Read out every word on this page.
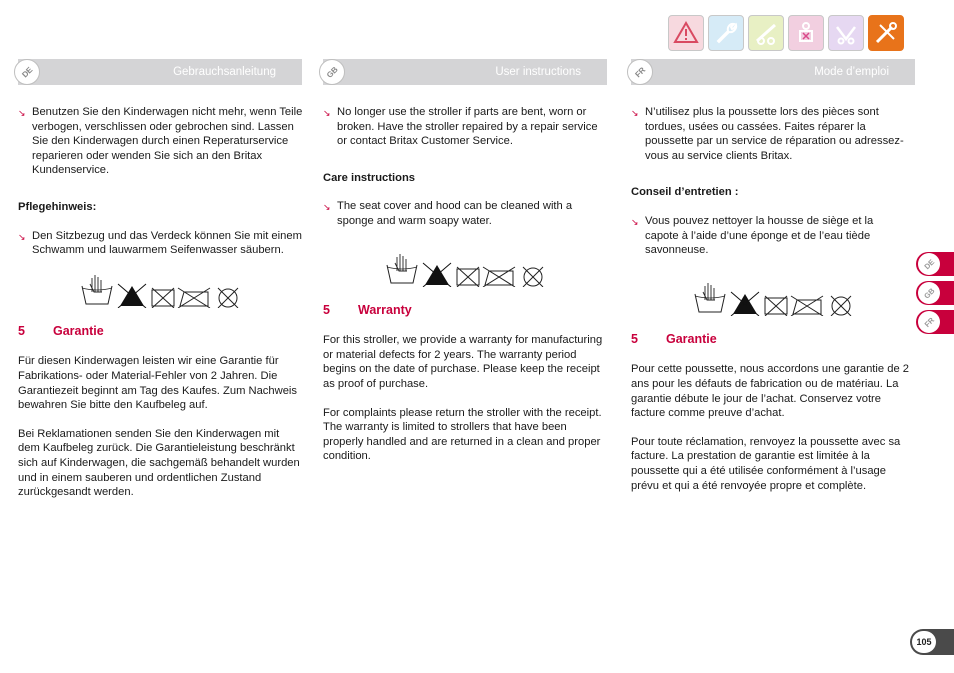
DE	Gebrauchsanleitung

↘ Benutzen Sie den Kinderwagen nicht mehr, wenn Teile verbogen, verschlissen oder gebrochen sind. Lassen Sie den Kinderwagen durch einen Reperaturservice reparieren oder wenden Sie sich an den Britax Kundenservice.

Pflegehinweis:

↘ Den Sitzbezug und das Verdeck können Sie mit einem Schwamm und lauwarmem Seifenwasser säubern.

5	Garantie

Für diesen Kinderwagen leisten wir eine Garantie für Fabrikations- oder Material-Fehler von 2 Jahren. Die Garantiezeit beginnt am Tag des Kaufes. Zum Nachweis bewahren Sie bitte den Kaufbeleg auf.

Bei Reklamationen senden Sie den Kinderwagen mit dem Kaufbeleg zurück. Die Garantieleistung beschränkt sich auf Kinderwagen, die sachgemäß behandelt wurden und in einem sauberen und ordentlichen Zustand zurückgesandt werden.

GB	User instructions

↘ No longer use the stroller if parts are bent, worn or broken. Have the stroller repaired by a repair service or contact Britax Customer Service.

Care instructions

↘ The seat cover and hood can be cleaned with a sponge and warm soapy water.

5	Warranty

For this stroller, we provide a warranty for manufacturing or material defects for 2 years. The warranty period begins on the date of purchase. Please keep the receipt as proof of purchase.

For complaints please return the stroller with the receipt. The warranty is limited to strollers that have been properly handled and are returned in a clean and proper condition.

FR	Mode d’emploi

↘ N’utilisez plus la poussette lors des pièces sont tordues, usées ou cassées. Faites réparer la poussette par un service de réparation ou adressez-vous au service clients Britax.

Conseil d’entretien :

↘ Vous pouvez nettoyer la housse de siège et la capote à l’aide d’une éponge et de l’eau tiède savonneuse.

5	Garantie

Pour cette poussette, nous accordons une garantie de 2 ans pour les défauts de fabrication ou de matériau. La garantie débute le jour de l’achat. Conservez votre facture comme preuve d’achat.

Pour toute réclamation, renvoyez la poussette avec sa facture. La prestation de garantie est limitée à la poussette qui a été utilisée conformément à l’usage prévu et qui a été renvoyée propre et complète.

DE
GB
FR
105
